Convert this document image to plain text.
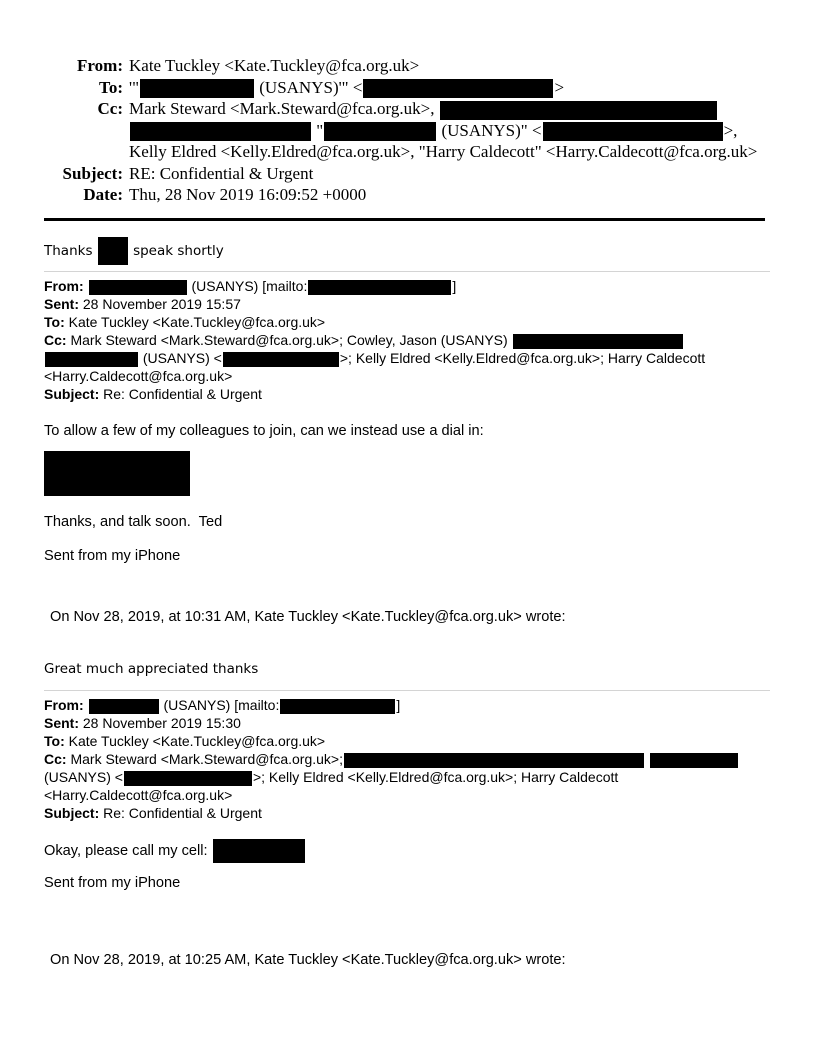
From: Kate Tuckley <Kate.Tuckley@fca.org.uk>
To: '"	(USANYS)'" <	>
Cc: Mark Steward <Mark.Steward@fca.org.uk>,   "	(USANYS)" <	>, Kelly Eldred <Kelly.Eldred@fca.org.uk>, "Harry Caldecott" <Harry.Caldecott@fca.org.uk>
Subject: RE: Confidential & Urgent
Date: Thu, 28 Nov 2019 16:09:52 +0000

Thanks  speak shortly

From:	(USANYS) [mailto:	]

Sent: 28 November 2019 15:57

To: Kate Tuckley <Kate.Tuckley@fca.org.uk>

Cc: Mark Steward <Mark.Steward@fca.org.uk>; Cowley, Jason (USANYS)   (USANYS) <	>; Kelly Eldred <Kelly.Eldred@fca.org.uk>; Harry Caldecott <Harry.Caldecott@fca.org.uk>

Subject: Re: Confidential & Urgent

To allow a few of my colleagues to join, can we instead use a dial in:

Thanks, and talk soon.  Ted

Sent from my iPhone

On Nov 28, 2019, at 10:31 AM, Kate Tuckley <Kate.Tuckley@fca.org.uk> wrote:

Great much appreciated thanks

From:	(USANYS) [mailto:	]

Sent: 28 November 2019 15:30

To: Kate Tuckley <Kate.Tuckley@fca.org.uk>

Cc: Mark Steward <Mark.Steward@fca.org.uk>;  (USANYS) <	>; Kelly Eldred <Kelly.Eldred@fca.org.uk>; Harry Caldecott <Harry.Caldecott@fca.org.uk>

Subject: Re: Confidential & Urgent

Okay, please call my cell:

Sent from my iPhone

On Nov 28, 2019, at 10:25 AM, Kate Tuckley <Kate.Tuckley@fca.org.uk> wrote:
